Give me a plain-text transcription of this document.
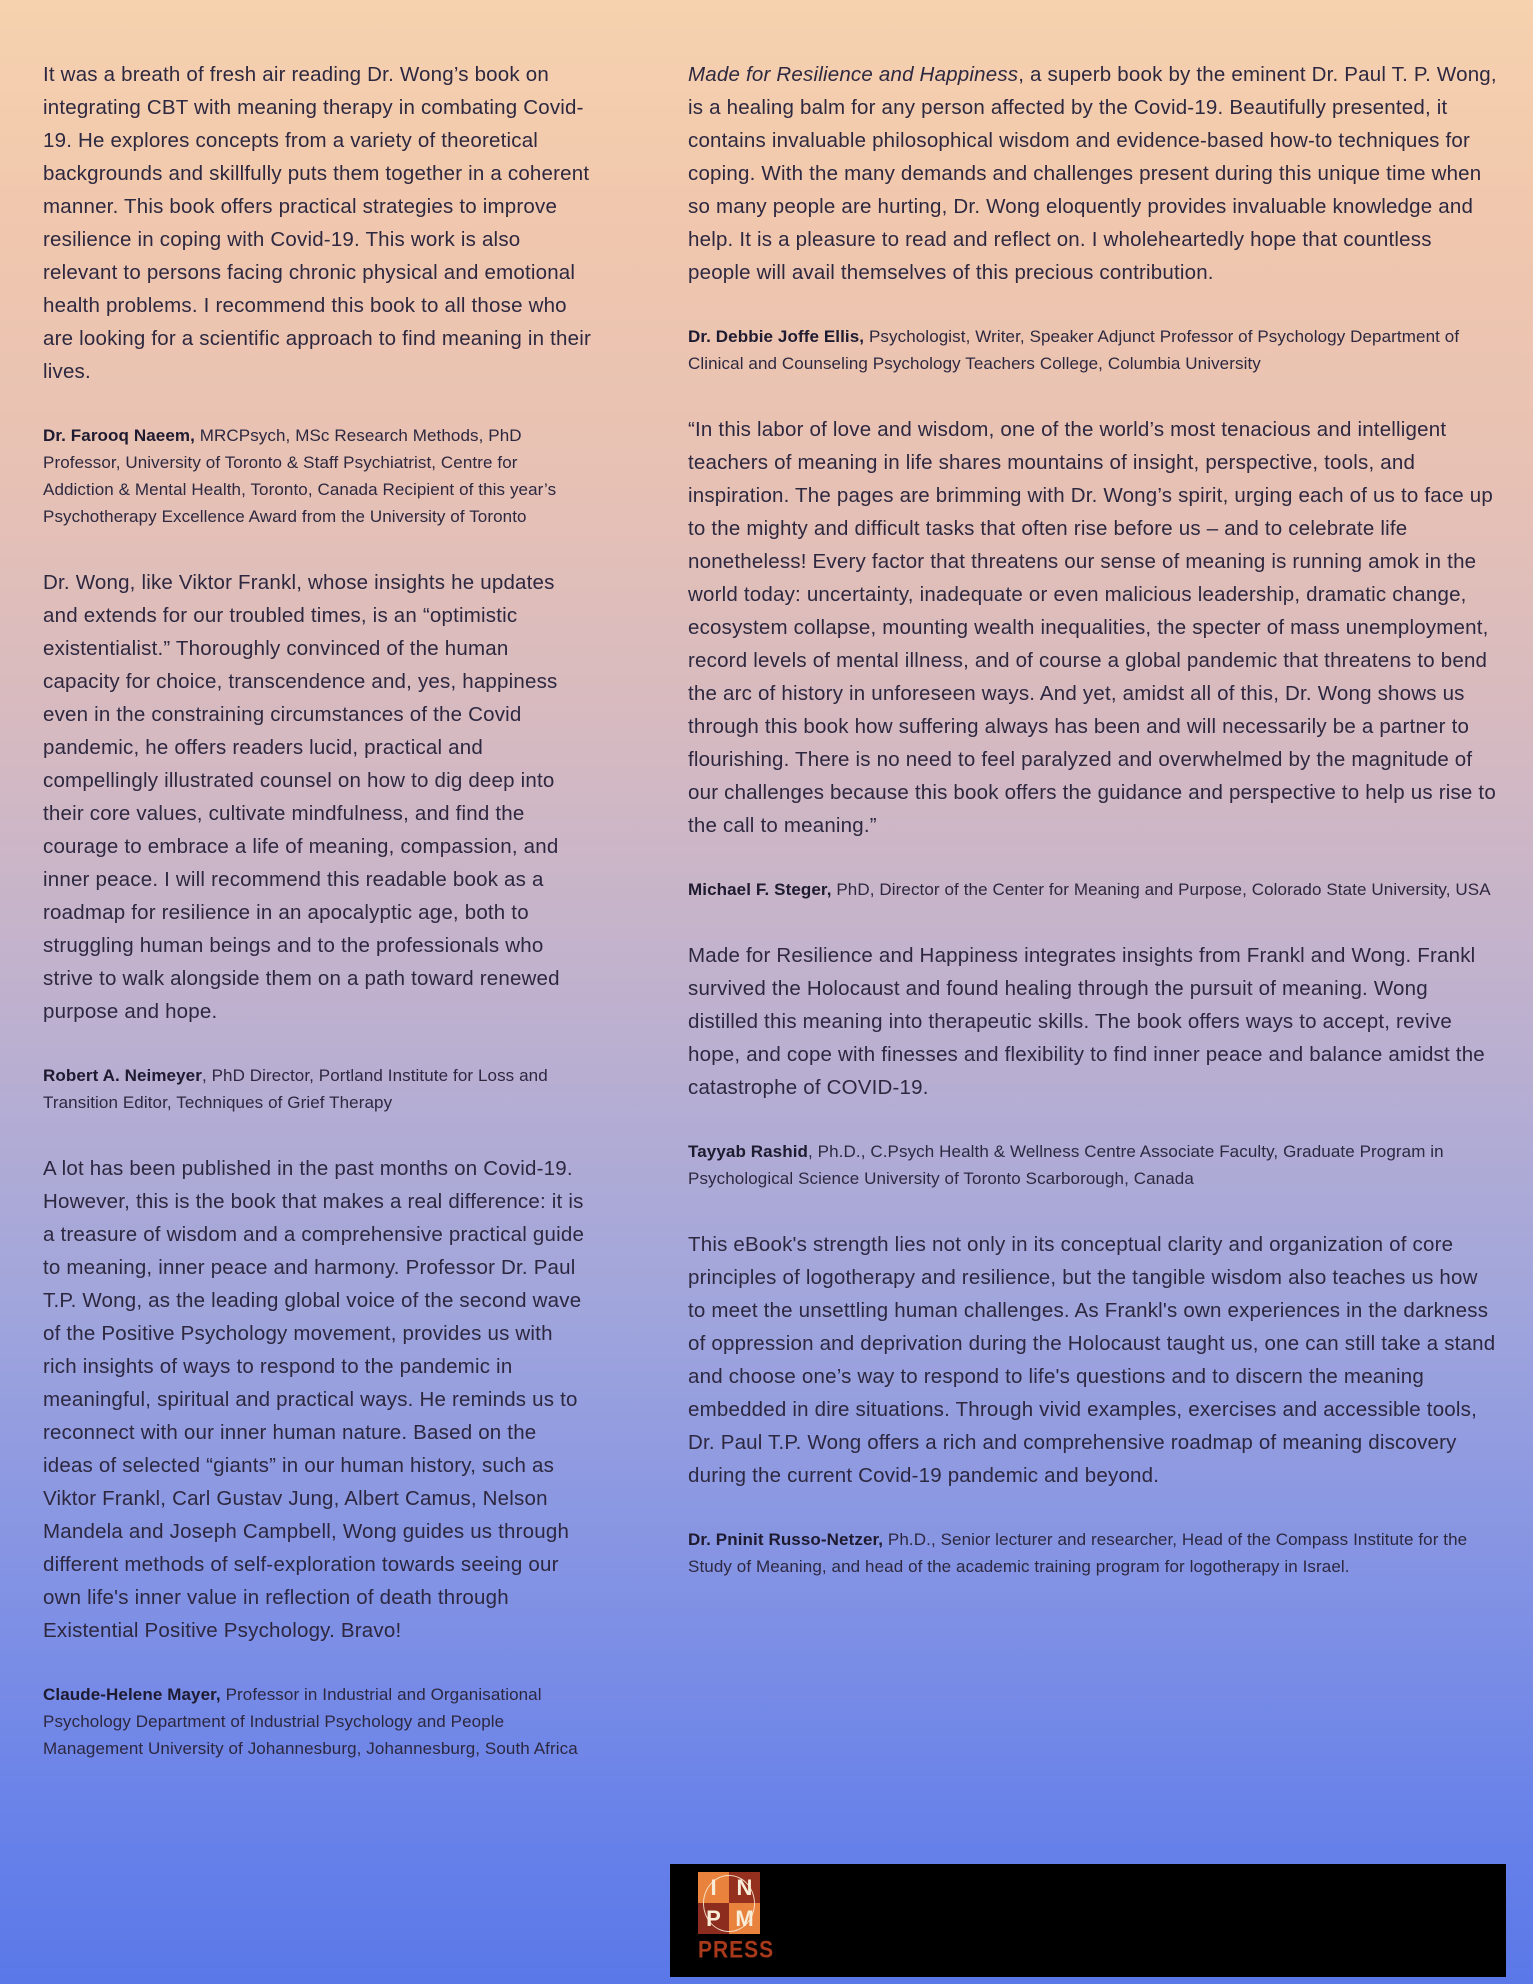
It was a breath of fresh air reading Dr. Wong’s book on integrating CBT with meaning therapy in combating Covid-19. He explores concepts from a variety of theoretical backgrounds and skillfully puts them together in a coherent manner. This book offers practical strategies to improve resilience in coping with Covid-19. This work is also relevant to persons facing chronic physical and emotional health problems. I recommend this book to all those who are looking for a scientific approach to find meaning in their lives.

Dr. Farooq Naeem, MRCPsych, MSc Research Methods, PhD Professor, University of Toronto & Staff Psychiatrist, Centre for Addiction & Mental Health, Toronto, Canada Recipient of this year’s Psychotherapy Excellence Award from the University of Toronto

Dr. Wong, like Viktor Frankl, whose insights he updates and extends for our troubled times, is an “optimistic existentialist.” Thoroughly convinced of the human capacity for choice, transcendence and, yes, happiness even in the constraining circumstances of the Covid pandemic, he offers readers lucid, practical and compellingly illustrated counsel on how to dig deep into their core values, cultivate mindfulness, and find the courage to embrace a life of meaning, compassion, and inner peace. I will recommend this readable book as a roadmap for resilience in an apocalyptic age, both to struggling human beings and to the professionals who strive to walk alongside them on a path toward renewed purpose and hope.

Robert A. Neimeyer, PhD Director, Portland Institute for Loss and Transition Editor, Techniques of Grief Therapy

A lot has been published in the past months on Covid-19. However, this is the book that makes a real difference: it is a treasure of wisdom and a comprehensive practical guide to meaning, inner peace and harmony. Professor Dr. Paul T.P. Wong, as the leading global voice of the second wave of the Positive Psychology movement, provides us with rich insights of ways to respond to the pandemic in meaningful, spiritual and practical ways. He reminds us to reconnect with our inner human nature. Based on the ideas of selected “giants” in our human history, such as Viktor Frankl, Carl Gustav Jung, Albert Camus, Nelson Mandela and Joseph Campbell, Wong guides us through different methods of self-exploration towards seeing our own life's inner value in reflection of death through Existential Positive Psychology. Bravo!

Claude-Helene Mayer, Professor in Industrial and Organisational Psychology Department of Industrial Psychology and People Management University of Johannesburg, Johannesburg, South Africa

Made for Resilience and Happiness, a superb book by the eminent Dr. Paul T. P. Wong, is a healing balm for any person affected by the Covid-19. Beautifully presented, it contains invaluable philosophical wisdom and evidence-based how-to techniques for coping. With the many demands and challenges present during this unique time when so many people are hurting, Dr. Wong eloquently provides invaluable knowledge and help. It is a pleasure to read and reflect on. I wholeheartedly hope that countless people will avail themselves of this precious contribution.

Dr. Debbie Joffe Ellis, Psychologist, Writer, Speaker Adjunct Professor of Psychology Department of Clinical and Counseling Psychology Teachers College, Columbia University

“In this labor of love and wisdom, one of the world’s most tenacious and intelligent teachers of meaning in life shares mountains of insight, perspective, tools, and inspiration. The pages are brimming with Dr. Wong’s spirit, urging each of us to face up to the mighty and difficult tasks that often rise before us – and to celebrate life nonetheless! Every factor that threatens our sense of meaning is running amok in the world today: uncertainty, inadequate or even malicious leadership, dramatic change, ecosystem collapse, mounting wealth inequalities, the specter of mass unemployment, record levels of mental illness, and of course a global pandemic that threatens to bend the arc of history in unforeseen ways. And yet, amidst all of this, Dr. Wong shows us through this book how suffering always has been and will necessarily be a partner to flourishing. There is no need to feel paralyzed and overwhelmed by the magnitude of our challenges because this book offers the guidance and perspective to help us rise to the call to meaning.”

Michael F. Steger, PhD, Director of the Center for Meaning and Purpose, Colorado State University, USA

Made for Resilience and Happiness integrates insights from Frankl and Wong. Frankl survived the Holocaust and found healing through the pursuit of meaning. Wong distilled this meaning into therapeutic skills. The book offers ways to accept, revive hope, and cope with finesses and flexibility to find inner peace and balance amidst the catastrophe of COVID-19.

Tayyab Rashid, Ph.D., C.Psych Health & Wellness Centre Associate Faculty, Graduate Program in Psychological Science University of Toronto Scarborough, Canada

This eBook's strength lies not only in its conceptual clarity and organization of core principles of logotherapy and resilience, but the tangible wisdom also teaches us how to meet the unsettling human challenges. As Frankl's own experiences in the darkness of oppression and deprivation during the Holocaust taught us, one can still take a stand and choose one’s way to respond to life's questions and to discern the meaning embedded in dire situations. Through vivid examples, exercises and accessible tools, Dr. Paul T.P. Wong offers a rich and comprehensive roadmap of meaning discovery during the current Covid-19 pandemic and beyond.

Dr. Pninit Russo-Netzer, Ph.D., Senior lecturer and researcher, Head of the Compass Institute for the Study of Meaning, and head of the academic training program for logotherapy in Israel.

I N
P M
PRESS
